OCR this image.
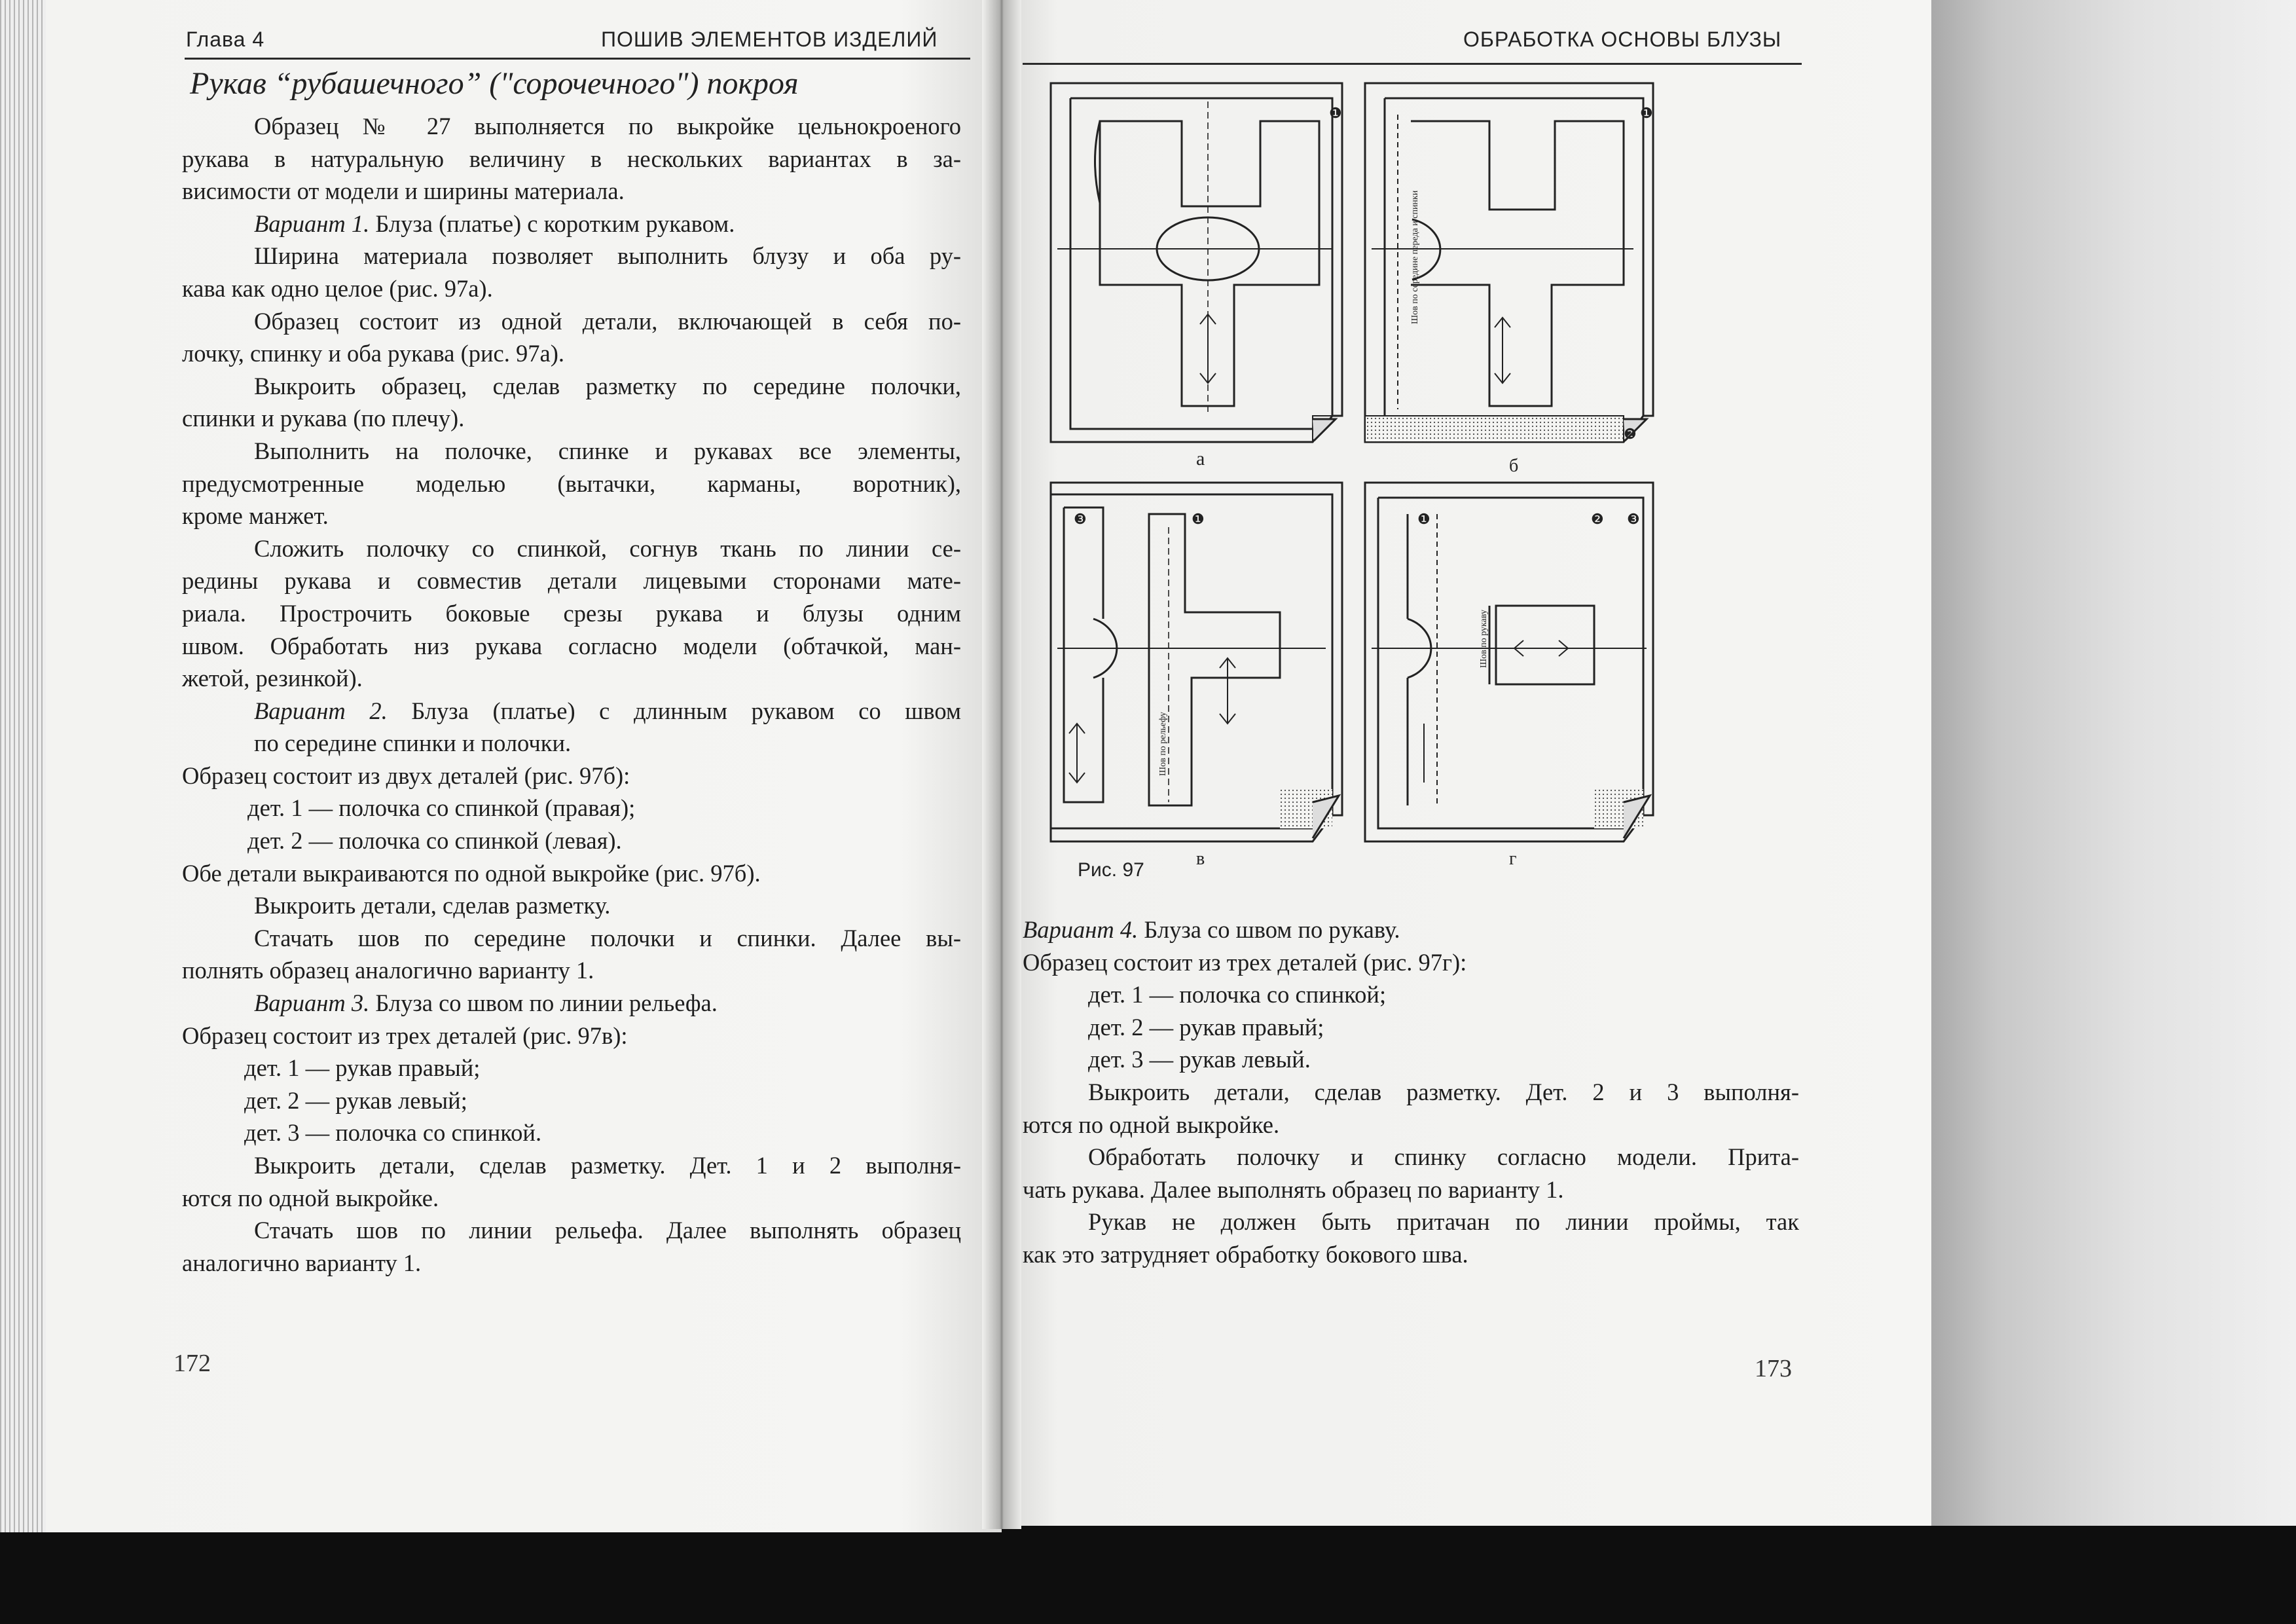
Глава 4	ПОШИВ ЭЛЕМЕНТОВ ИЗДЕЛИЙ
Рукав “рубашечного” ("сорочечного") покроя

Образец № 27 выполняется по выкройке цельнокроеного

рукава в натуральную величину в нескольких вариантах в за-

висимости от модели и ширины материала.

Вариант 1. Блуза (платье) с коротким рукавом.

Ширина материала позволяет выполнить блузу и оба ру-

кава как одно целое (рис. 97а).

Образец состоит из одной детали, включающей в себя по-

лочку, спинку и оба рукава (рис. 97а).

Выкроить образец, сделав разметку по середине полочки,

спинки и рукава (по плечу).

Выполнить на полочке, спинке и рукавах все элементы,

предусмотренные моделью (вытачки, карманы, воротник),

кроме манжет.

Сложить полочку со спинкой, согнув ткань по линии се-

редины рукава и совместив детали лицевыми сторонами мате-

риала. Прострочить боковые срезы рукава и блузы одним

швом. Обработать низ рукава согласно модели (обтачкой, ман-

жетой, резинкой).

Вариант 2. Блуза (платье) с длинным рукавом со швом

по середине спинки и полочки.

Образец состоит из двух деталей (рис. 97б):

дет. 1 — полочка со спинкой (правая);

дет. 2 — полочка со спинкой (левая).

Обе детали выкраиваются по одной выкройке (рис. 97б).

Выкроить детали, сделав разметку.

Стачать шов по середине полочки и спинки. Далее вы-

полнять образец аналогично варианту 1.

Вариант 3. Блуза со швом по линии рельефа.

Образец состоит из трех деталей (рис. 97в):

дет. 1 — рукав правый;

дет. 2 — рукав левый;

дет. 3 — полочка со спинкой.

Выкроить детали, сделав разметку. Дет. 1 и 2 выполня-

ются по одной выкройке.

Стачать шов по линии рельефа. Далее выполнять образец

аналогично варианту 1.

172
ОБРАБОТКА ОСНОВЫ БЛУЗЫ
❶
а
Шов по середине переда и спинки
❶
❷
б
Шов по рельефу
❸	❶
в
Шов по рукаву
❶	❷ ❸
г
Рис. 97

Вариант 4. Блуза со швом по рукаву.

Образец состоит из трех деталей (рис. 97г):

дет. 1 — полочка со спинкой;

дет. 2 — рукав правый;

дет. 3 — рукав левый.

Выкроить детали, сделав разметку. Дет. 2 и 3 выполня-

ются по одной выкройке.

Обработать полочку и спинку согласно модели. Прита-

чать рукава. Далее выполнять образец по варианту 1.

Рукав не должен быть притачан по линии проймы, так

как это затрудняет обработку бокового шва.

173
